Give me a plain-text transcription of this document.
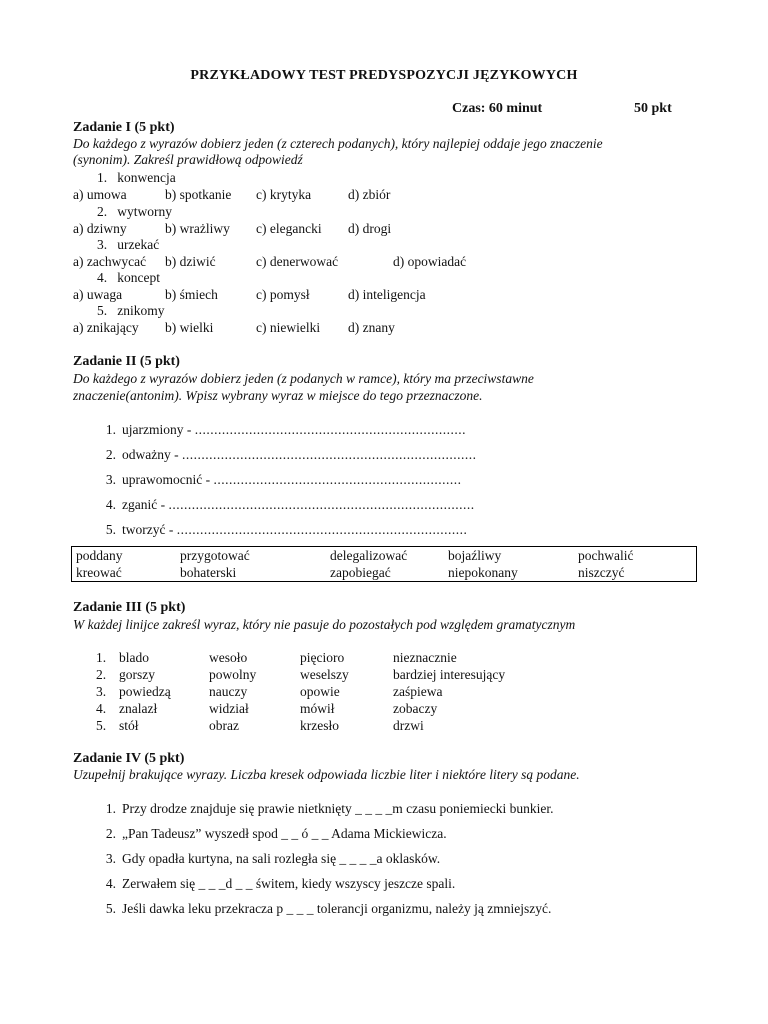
PRZYKŁADOWY TEST PREDYSPOZYCJI JĘZYKOWYCH
Czas: 60 minut	50 pkt
Zadanie I (5 pkt)
Do każdego z wyrazów dobierz jeden (z czterech podanych), który najlepiej oddaje jego znaczenie
(synonim). Zakreśl prawidłową odpowiedź
1. konwencja
a) umowa	b) spotkanie c) krytyka	d) zbiór
2. wytworny
a) dziwny	b) wrażliwy c) elegancki d) drogi
3. urzekać
a) zachwycać b) dziwić	c) denerwować	d) opowiadać
4. koncept
a) uwaga	b) śmiech	c) pomysł	d) inteligencja
5. znikomy
a) znikający b) wielki	c) niewielki d) znany
Zadanie II (5 pkt)
Do każdego z wyrazów dobierz jeden (z podanych w ramce), który ma przeciwstawne
znaczenie(antonim). Wpisz wybrany wyraz w miejsce do tego przeznaczone.
1. ujarzmiony - ......................................................................
2. odważny - ............................................................................
3. uprawomocnić - ................................................................
4. zganić - ...............................................................................
5. tworzyć - ...........................................................................
poddany	przygotować	delegalizować	bojaźliwy	pochwalić
kreować	bohaterski	zapobiegać	niepokonany	niszczyć
Zadanie III (5 pkt)
W każdej linijce zakreśl wyraz, który nie pasuje do pozostałych pod względem gramatycznym
1. blado	wesoło	pięcioro	nieznacznie
2. gorszy	powolny	weselszy	bardziej interesujący
3. powiedzą	nauczy	opowie	zaśpiewa
4. znalazł	widział	mówił	zobaczy
5. stół	obraz	krzesło	drzwi
Zadanie IV (5 pkt)
Uzupełnij brakujące wyrazy. Liczba kresek odpowiada liczbie liter i niektóre litery są podane.
1. Przy drodze znajduje się prawie nietknięty _ _ _ _m czasu poniemiecki bunkier.
2. „Pan Tadeusz” wyszedł spod _ _ ó _ _ Adama Mickiewicza.
3. Gdy opadła kurtyna, na sali rozległa się _ _ _ _a oklasków.
4. Zerwałem się _ _ _d _ _ świtem, kiedy wszyscy jeszcze spali.
5. Jeśli dawka leku przekracza p _ _ _ tolerancji organizmu, należy ją zmniejszyć.
